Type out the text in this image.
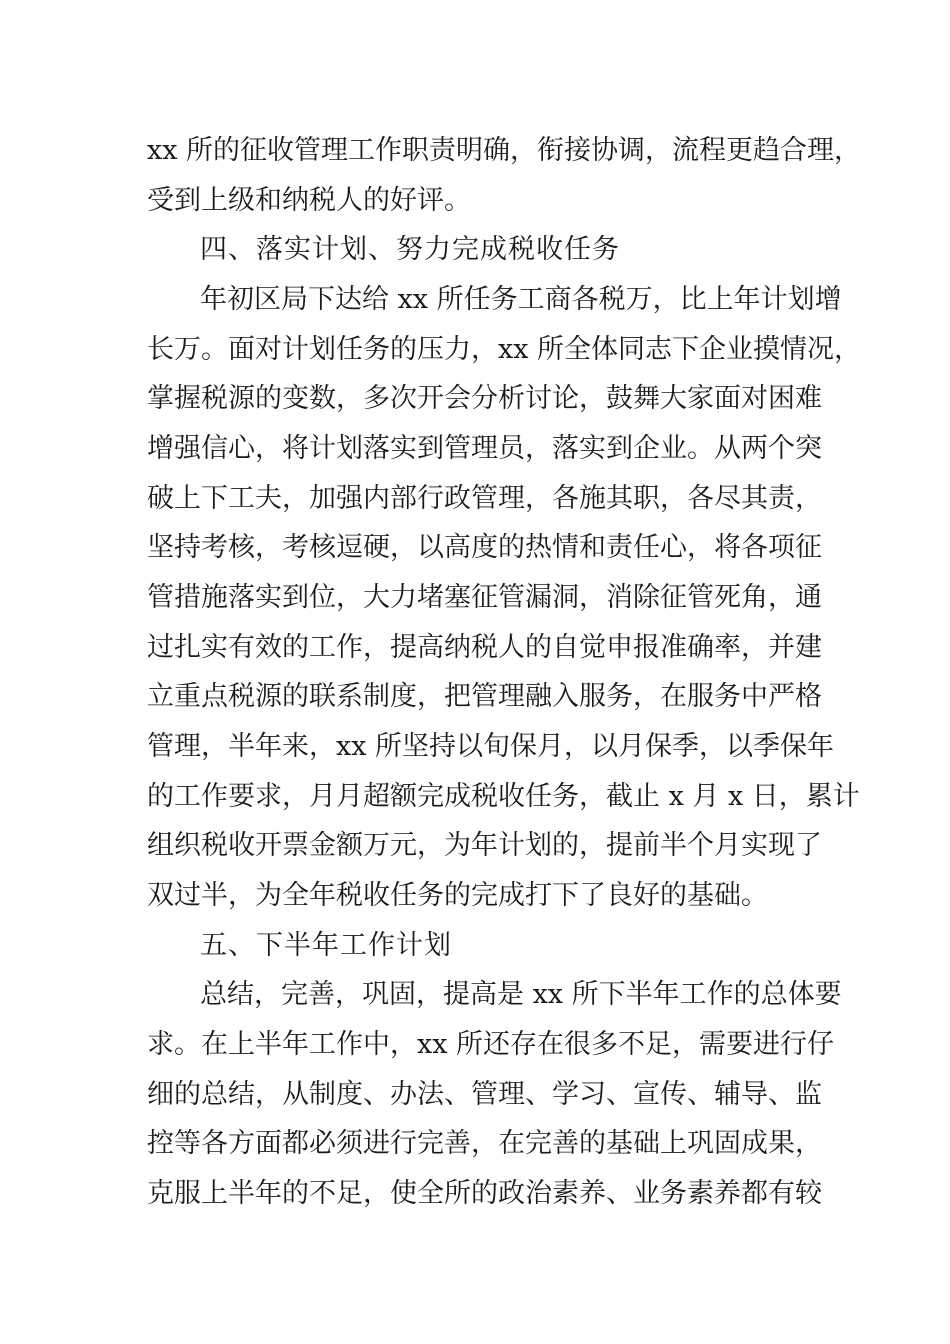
xx 所的征收管理工作职责明确，衔接协调，流程更趋合理，
受到上级和纳税人的好评。
四、落实计划、努力完成税收任务
年初区局下达给 xx 所任务工商各税万，比上年计划增
长万。面对计划任务的压力，xx 所全体同志下企业摸情况，
掌握税源的变数，多次开会分析讨论，鼓舞大家面对困难
增强信心，将计划落实到管理员，落实到企业。从两个突
破上下工夫，加强内部行政管理，各施其职，各尽其责，
坚持考核，考核逗硬，以高度的热情和责任心，将各项征
管措施落实到位，大力堵塞征管漏洞，消除征管死角，通
过扎实有效的工作，提高纳税人的自觉申报准确率，并建
立重点税源的联系制度，把管理融入服务，在服务中严格
管理，半年来，xx 所坚持以旬保月，以月保季，以季保年
的工作要求，月月超额完成税收任务，截止 x 月 x 日，累计
组织税收开票金额万元，为年计划的，提前半个月实现了
双过半，为全年税收任务的完成打下了良好的基础。
五、下半年工作计划
总结，完善，巩固，提高是 xx 所下半年工作的总体要
求。在上半年工作中，xx 所还存在很多不足，需要进行仔
细的总结，从制度、办法、管理、学习、宣传、辅导、监
控等各方面都必须进行完善，在完善的基础上巩固成果，
克服上半年的不足，使全所的政治素养、业务素养都有较
